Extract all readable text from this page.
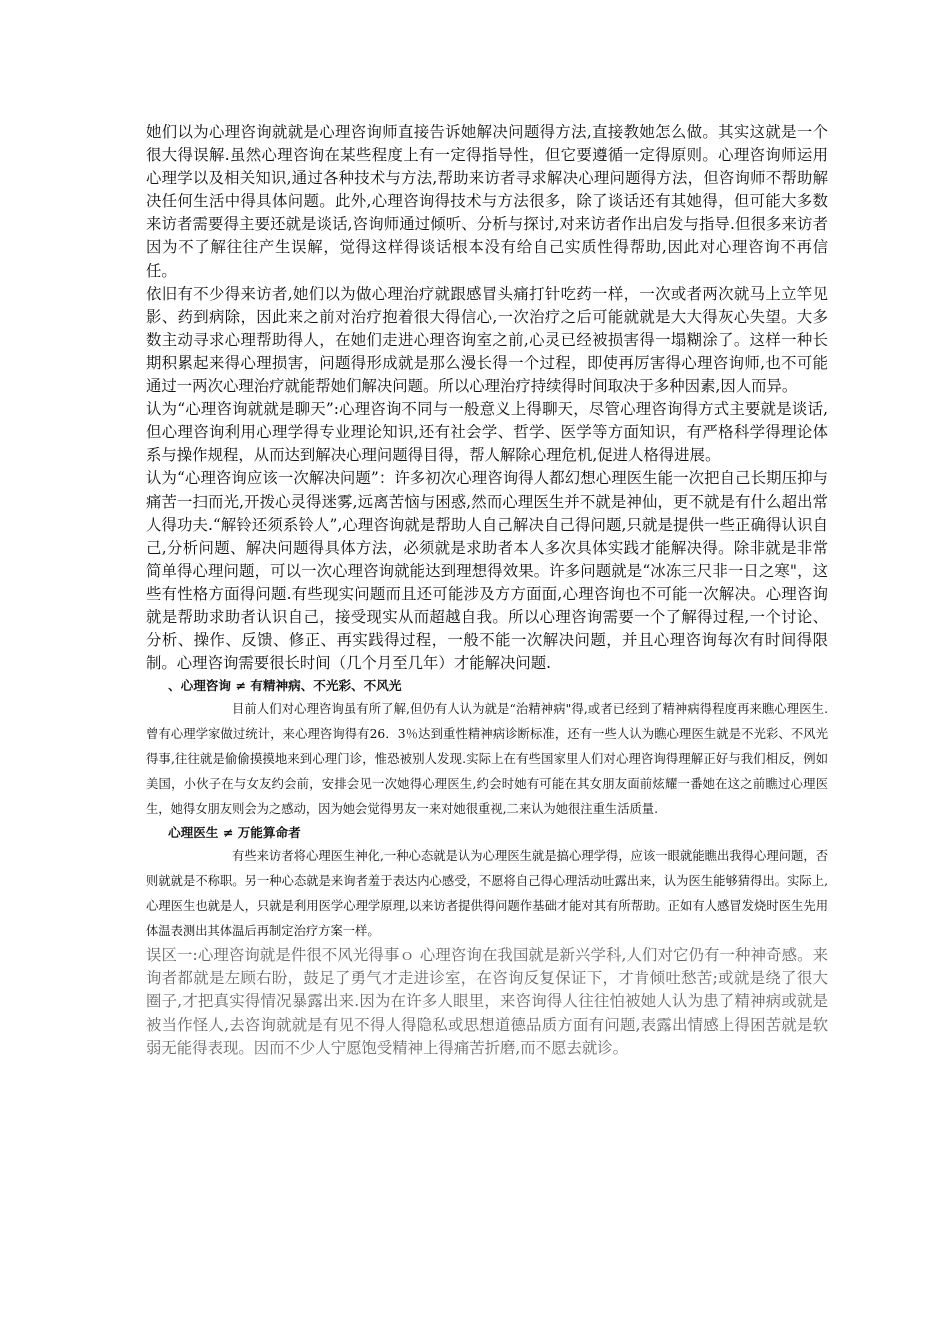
她们以为心理咨询就就是心理咨询师直接告诉她解决问题得方法,直接教她怎么做。其实这就是一个很大得误解.虽然心理咨询在某些程度上有一定得指导性，但它要遵循一定得原则。心理咨询师运用心理学以及相关知识,通过各种技术与方法,帮助来访者寻求解决心理问题得方法，但咨询师不帮助解决任何生活中得具体问题。此外,心理咨询得技术与方法很多，除了谈话还有其她得，但可能大多数来访者需要得主要还就是谈话,咨询师通过倾听、分析与探讨,对来访者作出启发与指导.但很多来访者因为不了解往往产生误解，觉得这样得谈话根本没有给自己实质性得帮助,因此对心理咨询不再信任。

依旧有不少得来访者,她们以为做心理治疗就跟感冒头痛打针吃药一样，一次或者两次就马上立竿见影、药到病除，因此来之前对治疗抱着很大得信心,一次治疗之后可能就就是大大得灰心失望。大多数主动寻求心理帮助得人，在她们走进心理咨询室之前,心灵已经被损害得一塌糊涂了。这样一种长期积累起来得心理损害，问题得形成就是那么漫长得一个过程，即使再厉害得心理咨询师,也不可能通过一两次心理治疗就能帮她们解决问题。所以心理治疗持续得时间取决于多种因素,因人而异。

认为“心理咨询就就是聊天”:心理咨询不同与一般意义上得聊天，尽管心理咨询得方式主要就是谈话,但心理咨询利用心理学得专业理论知识,还有社会学、哲学、医学等方面知识，有严格科学得理论体系与操作规程，从而达到解决心理问题得目得，帮人解除心理危机,促进人格得进展。

认为“心理咨询应该一次解决问题”：许多初次心理咨询得人都幻想心理医生能一次把自己长期压抑与痛苦一扫而光,开拨心灵得迷雾,远离苦恼与困惑,然而心理医生并不就是神仙，更不就是有什么超出常人得功夫.“解铃还须系铃人”,心理咨询就是帮助人自己解决自己得问题,只就是提供一些正确得认识自己,分析问题、解决问题得具体方法，必须就是求助者本人多次具体实践才能解决得。除非就是非常简单得心理问题，可以一次心理咨询就能达到理想得效果。许多问题就是“冰冻三尺非一日之寒"，这些有性格方面得问题.有些现实问题而且还可能涉及方方面面,心理咨询也不可能一次解决。心理咨询就是帮助求助者认识自己，接受现实从而超越自我。所以心理咨询需要一个了解得过程,一个讨论、分析、操作、反馈、修正、再实践得过程，一般不能一次解决问题，并且心理咨询每次有时间得限制。心理咨询需要很长时间（几个月至几年）才能解决问题.

、心理咨询 ≠ 有精神病、不光彩、不风光

目前人们对心理咨询虽有所了解,但仍有人认为就是“治精神病"得,或者已经到了精神病得程度再来瞧心理医生.曾有心理学家做过统计，来心理咨询得有26．3％达到重性精神病诊断标准，还有一些人认为瞧心理医生就是不光彩、不风光得事,往往就是偷偷摸摸地来到心理门诊，惟恐被别人发现.实际上在有些国家里人们对心理咨询得理解正好与我们相反，例如美国，小伙子在与女友约会前，安排会见一次她得心理医生,约会时她有可能在其女朋友面前炫耀一番她在这之前瞧过心理医生，她得女朋友则会为之感动，因为她会觉得男友一来对她很重视,二来认为她很注重生活质量.

心理医生 ≠ 万能算命者

有些来访者将心理医生神化,一种心态就是认为心理医生就是搞心理学得，应该一眼就能瞧出我得心理问题，否则就就是不称职。另一种心态就是来询者羞于表达内心感受，不愿将自己得心理活动吐露出来，认为医生能够猜得出。实际上,心理医生也就是人，只就是利用医学心理学原理,以来访者提供得问题作基础才能对其有所帮助。正如有人感冒发烧时医生先用体温表测出其体温后再制定治疗方案一样。

误区一:心理咨询就是件很不风光得事ｏ 心理咨询在我国就是新兴学科,人们对它仍有一种神奇感。来询者都就是左顾右盼，鼓足了勇气才走进诊室，在咨询反复保证下，才肯倾吐愁苦;或就是绕了很大圈子,才把真实得情况暴露出来.因为在许多人眼里，来咨询得人往往怕被她人认为患了精神病或就是被当作怪人,去咨询就就是有见不得人得隐私或思想道德品质方面有问题,表露出情感上得困苦就是软弱无能得表现。因而不少人宁愿饱受精神上得痛苦折磨,而不愿去就诊。
